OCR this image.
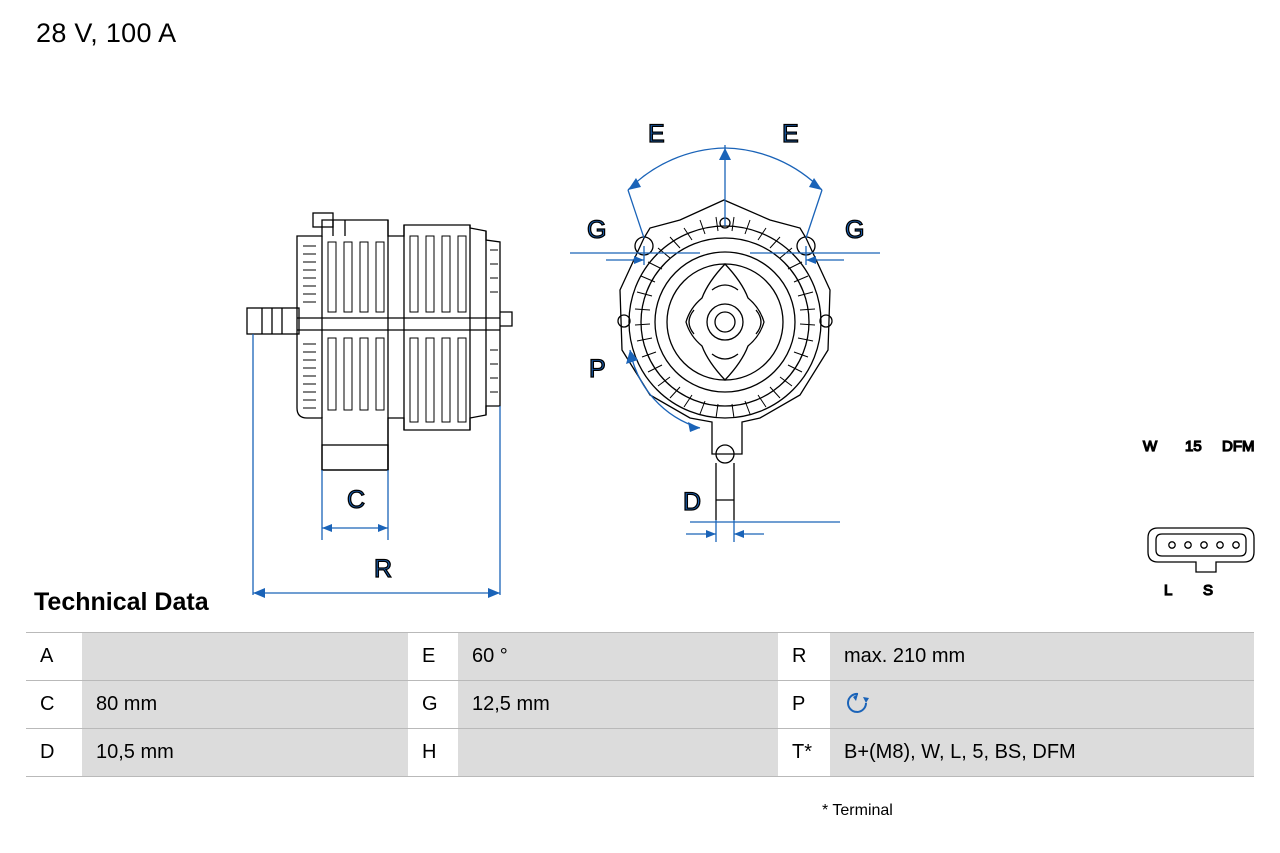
28 V, 100 A
C
R
E	E
G	G
P
D
W 15 DFM
L S
Technical Data
A		E	60 °	R	max. 210 mm
C	80 mm	G	12,5 mm	P	
D	10,5 mm	H		T*	B+(M8), W, L, 5, BS, DFM
* Terminal
